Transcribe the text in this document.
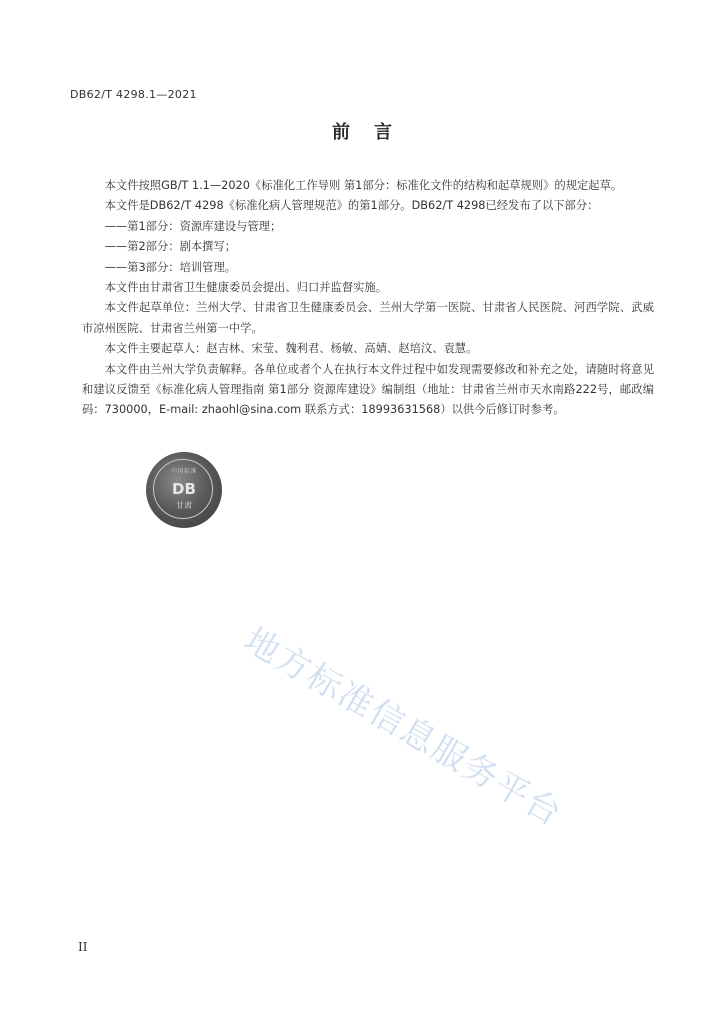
DB62/T 4298.1—2021
前言

本文件按照GB/T 1.1—2020《标准化工作导则 第1部分：标准化文件的结构和起草规则》的规定起草。

本文件是DB62/T 4298《标准化病人管理规范》的第1部分。DB62/T 4298已经发布了以下部分：

——第1部分：资源库建设与管理；

——第2部分：剧本撰写；

——第3部分：培训管理。

本文件由甘肃省卫生健康委员会提出、归口并监督实施。

本文件起草单位：兰州大学、甘肃省卫生健康委员会、兰州大学第一医院、甘肃省人民医院、河西学院、武威市凉州医院、甘肃省兰州第一中学。

本文件主要起草人：赵吉林、宋莹、魏利君、杨敏、高婧、赵培汶、袁慧。

本文件由兰州大学负责解释。各单位或者个人在执行本文件过程中如发现需要修改和补充之处，请随时将意见和建议反馈至《标准化病人管理指南 第1部分 资源库建设》编制组（地址：甘肃省兰州市天水南路222号，邮政编码：730000，E-mail: zhaohl@sina.com 联系方式：18993631568）以供今后修订时参考。

中国标准
DB
甘肃
地方标准信息服务平台
II
